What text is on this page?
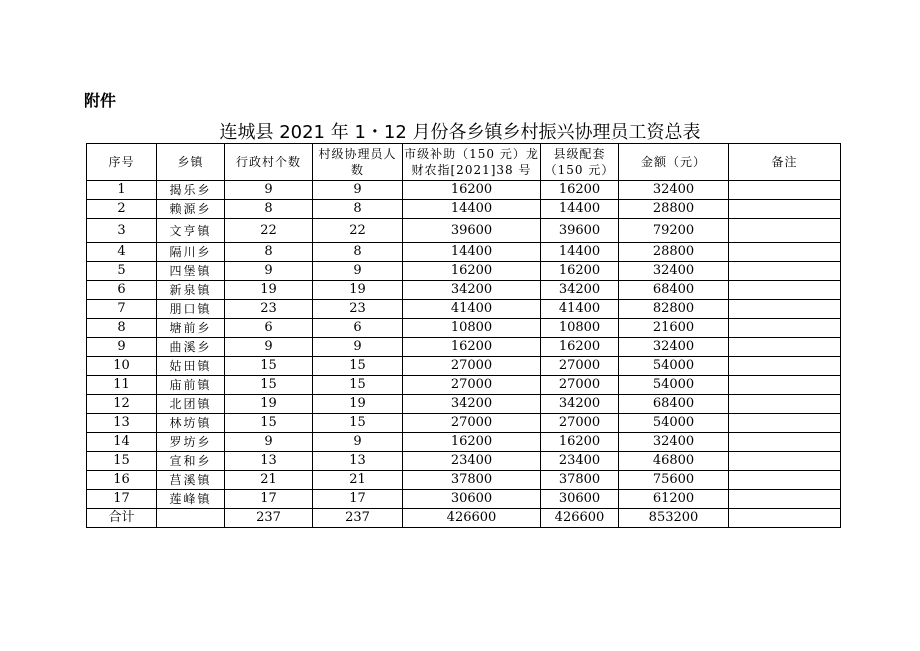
附件
连城县 2021 年 1・12 月份各乡镇乡村振兴协理员工资总表
序号	乡镇	行政村个数	村级协理员人数	市级补助（150 元）龙财农指[2021]38 号	县级配套（150 元）	金额（元）	备注
1	揭乐乡	9	9	16200	16200	32400	
2	赖源乡	8	8	14400	14400	28800	
3	文亨镇	22	22	39600	39600	79200	
4	隔川乡	8	8	14400	14400	28800	
5	四堡镇	9	9	16200	16200	32400	
6	新泉镇	19	19	34200	34200	68400	
7	朋口镇	23	23	41400	41400	82800	
8	塘前乡	6	6	10800	10800	21600	
9	曲溪乡	9	9	16200	16200	32400	
10	姑田镇	15	15	27000	27000	54000	
11	庙前镇	15	15	27000	27000	54000	
12	北团镇	19	19	34200	34200	68400	
13	林坊镇	15	15	27000	27000	54000	
14	罗坊乡	9	9	16200	16200	32400	
15	宣和乡	13	13	23400	23400	46800	
16	莒溪镇	21	21	37800	37800	75600	
17	莲峰镇	17	17	30600	30600	61200	
合计		237	237	426600	426600	853200	
